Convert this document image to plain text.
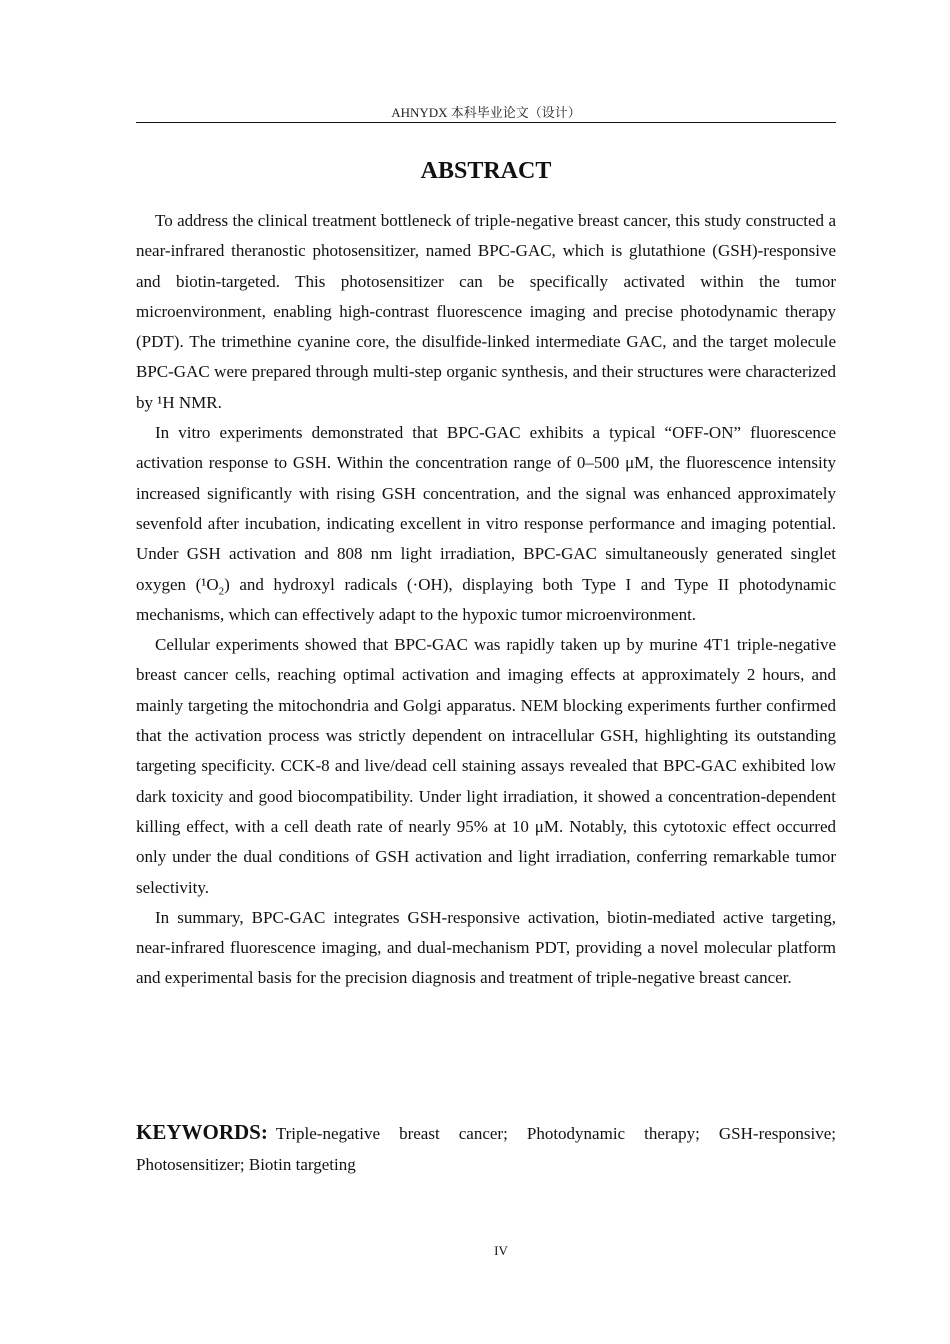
AHNYDX 本科毕业论文（设计）
ABSTRACT

To address the clinical treatment bottleneck of triple-negative breast cancer, this study constructed a near-infrared theranostic photosensitizer, named BPC-GAC, which is glutathione (GSH)-responsive and biotin-targeted. This photosensitizer can be specifically activated within the tumor microenvironment, enabling high-contrast fluorescence imaging and precise photodynamic therapy (PDT). The trimethine cyanine core, the disulfide-linked intermediate GAC, and the target molecule BPC-GAC were prepared through multi-step organic synthesis, and their structures were characterized by ¹H NMR.

In vitro experiments demonstrated that BPC-GAC exhibits a typical “OFF-ON” fluorescence activation response to GSH. Within the concentration range of 0–500 μM, the fluorescence intensity increased significantly with rising GSH concentration, and the signal was enhanced approximately sevenfold after incubation, indicating excellent in vitro response performance and imaging potential. Under GSH activation and 808 nm light irradiation, BPC-GAC simultaneously generated singlet oxygen $(^1O_2)$ and hydroxyl radicals (·OH), displaying both Type I and Type II photodynamic mechanisms, which can effectively adapt to the hypoxic tumor microenvironment.

Cellular experiments showed that BPC-GAC was rapidly taken up by murine 4T1 triple-negative breast cancer cells, reaching optimal activation and imaging effects at approximately 2 hours, and mainly targeting the mitochondria and Golgi apparatus. NEM blocking experiments further confirmed that the activation process was strictly dependent on intracellular GSH, highlighting its outstanding targeting specificity. CCK-8 and live/dead cell staining assays revealed that BPC-GAC exhibited low dark toxicity and good biocompatibility. Under light irradiation, it showed a concentration-dependent killing effect, with a cell death rate of nearly 95% at 10 μM. Notably, this cytotoxic effect occurred only under the dual conditions of GSH activation and light irradiation, conferring remarkable tumor selectivity.

In summary, BPC-GAC integrates GSH-responsive activation, biotin-mediated active targeting, near-infrared fluorescence imaging, and dual-mechanism PDT, providing a novel molecular platform and experimental basis for the precision diagnosis and treatment of triple-negative breast cancer.

KEYWORDS: Triple-negative breast cancer; Photodynamic therapy; GSH-responsive; Photosensitizer; Biotin targeting

IV
